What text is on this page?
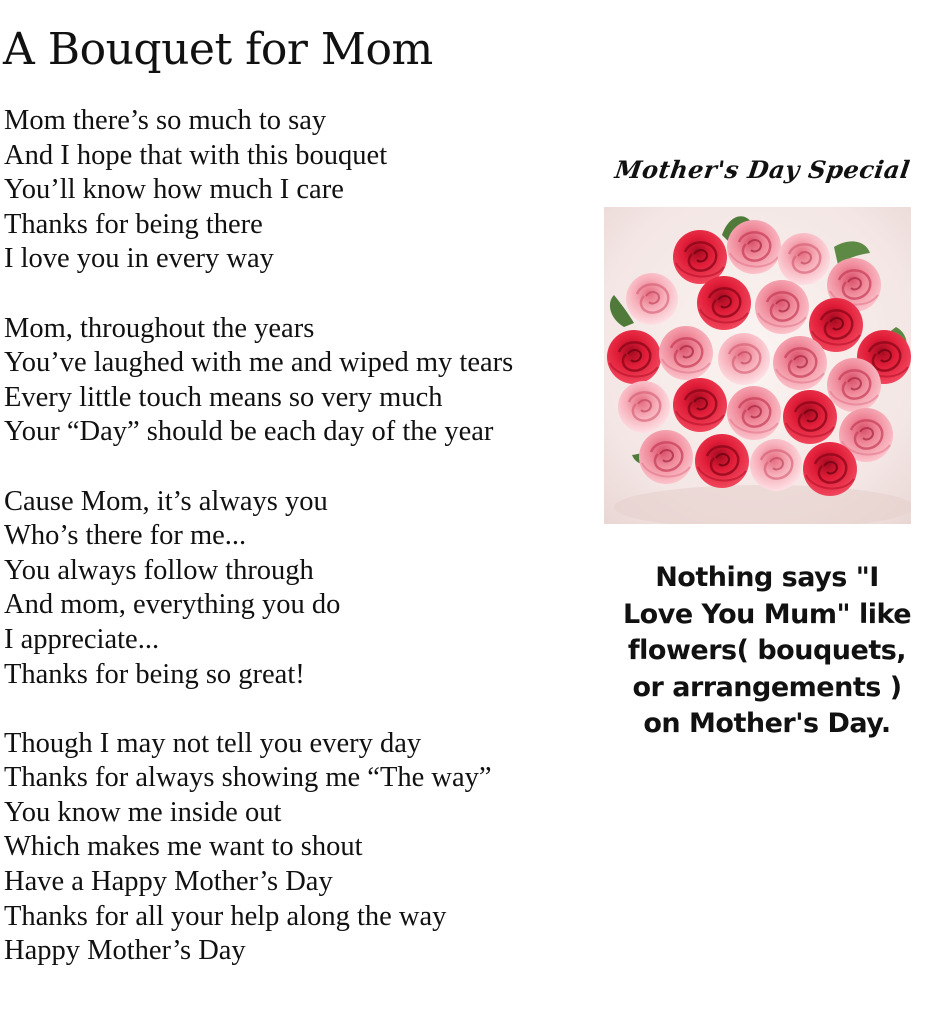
A Bouquet for Mom
Mom there’s so much to say
And I hope that with this bouquet
You’ll know how much I care
Thanks for being there
I love you in every way
Mom, throughout the years
You’ve laughed with me and wiped my tears
Every little touch means so very much
Your “Day” should be each day of the year
Cause Mom, it’s always you
Who’s there for me...
You always follow through
And mom, everything you do
I appreciate...
Thanks for being so great!
Though I may not tell you every day
Thanks for always showing me “The way”
You know me inside out
Which makes me want to shout
Have a Happy Mother’s Day
Thanks for all your help along the way
Happy Mother’s Day
Mother's Day Special
Nothing says "I
Love You Mum" like
flowers( bouquets,
or arrangements )
on Mother's Day.
